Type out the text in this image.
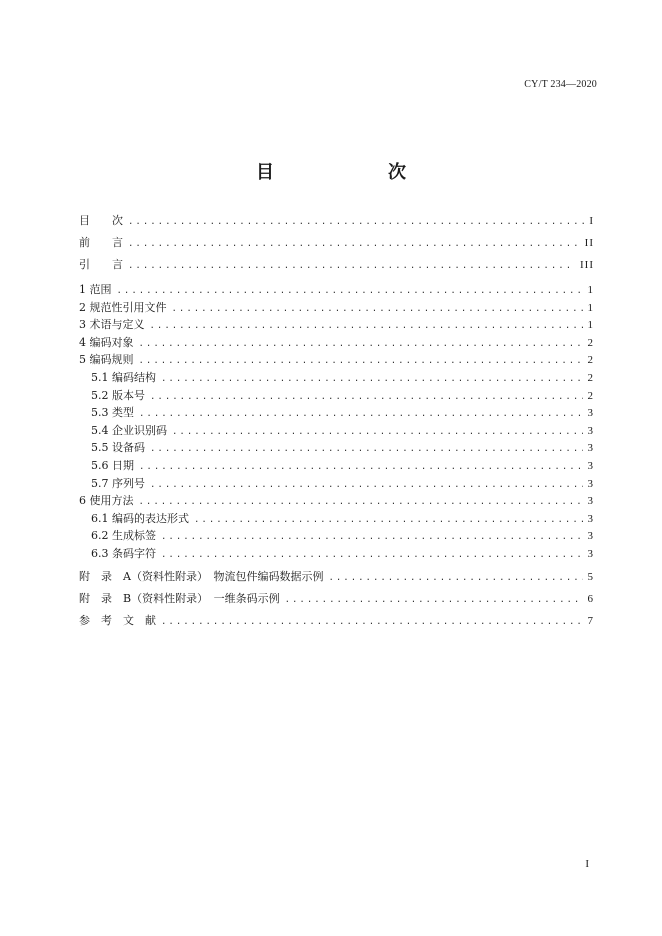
CY/T 234—2020
目　　次
目　　次 .....	I
前　　言 .....	II
引　　言 .....	III
1 范围 .....	1
2 规范性引用文件 .....	1
3 术语与定义 .....	1
4 编码对象 .....	2
5 编码规则 .....	2
5.1 编码结构 .....	2
5.2 版本号 .....	2
5.3 类型 .....	3
5.4 企业识别码 .....	3
5.5 设备码 .....	3
5.6 日期 .....	3
5.7 序列号 .....	3
6 使用方法 .....	3
6.1 编码的表达形式 .....	3
6.2 生成标签 .....	3
6.3 条码字符 .....	3
附　录　A（资料性附录）　物流包件编码数据示例 .....	5
附　录　B（资料性附录）　一维条码示例 .....	6
参　考　文　献 .....	7
I
